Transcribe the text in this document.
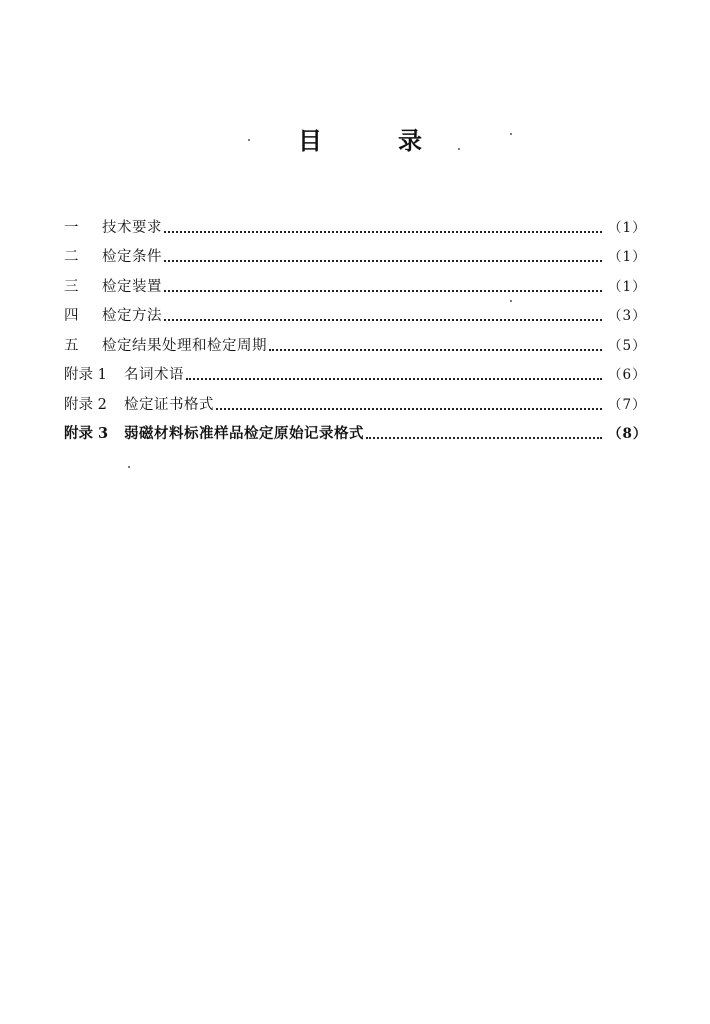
目	录
一	技术要求	（1）
二	检定条件	（1）
三	检定装置	（1）
四	检定方法	（3）
五	检定结果处理和检定周期	（5）
附录 1	名词术语	（6）
附录 2	检定证书格式	（7）
附录 3	弱磁材料标准样品检定原始记录格式	（8）
